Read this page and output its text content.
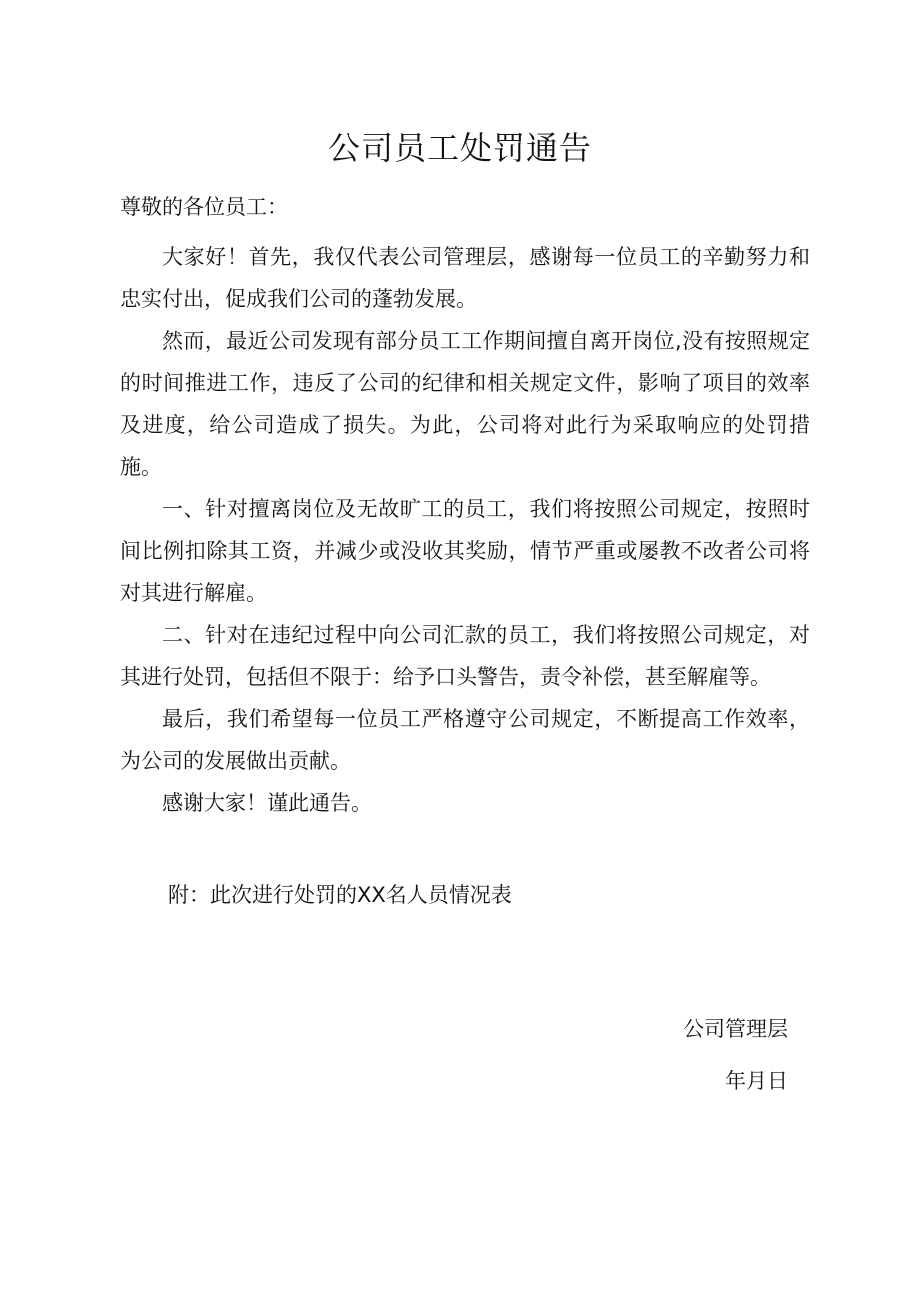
公司员工处罚通告
尊敬的各位员工：

大家好！首先，我仅代表公司管理层，感谢每一位员工的辛勤努力和忠实付出，促成我们公司的蓬勃发展。

然而，最近公司发现有部分员工工作期间擅自离开岗位,没有按照规定的时间推进工作，违反了公司的纪律和相关规定文件，影响了项目的效率及进度，给公司造成了损失。为此，公司将对此行为采取响应的处罚措施。

一、针对擅离岗位及无故旷工的员工，我们将按照公司规定，按照时间比例扣除其工资，并减少或没收其奖励，情节严重或屡教不改者公司将对其进行解雇。

二、针对在违纪过程中向公司汇款的员工，我们将按照公司规定，对其进行处罚，包括但不限于：给予口头警告，责令补偿，甚至解雇等。

最后，我们希望每一位员工严格遵守公司规定，不断提高工作效率，为公司的发展做出贡献。

感谢大家！谨此通告。

附：此次进行处罚的XX名人员情况表
公司管理层
年月日
